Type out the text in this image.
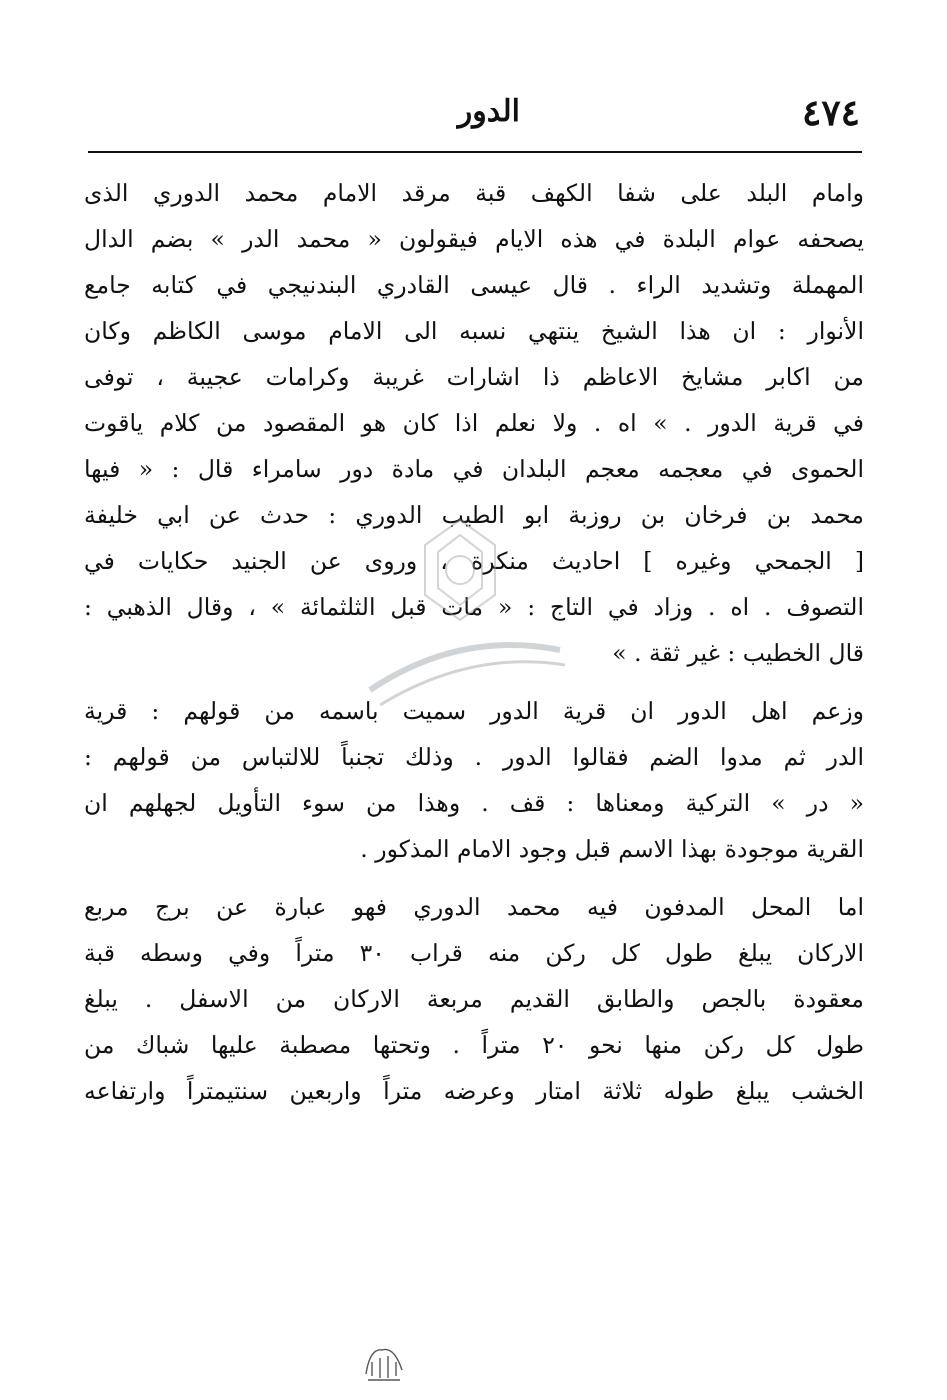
٤٧٤
الدور
وامام البلد على شفا الكهف قبة مرقد الامام محمد الدوري الذى
يصحفه عوام البلدة في هذه الايام فيقولون « محمد الدر » بضم الدال
المهملة وتشديد الراء . قال عيسى القادري البندنيجي في كتابه جامع
الأنوار : ان هذا الشيخ ينتهي نسبه الى الامام موسى الكاظم وكان
من اكابر مشايخ الاعاظم ذا اشارات غريبة وكرامات عجيبة ، توفى
في قرية الدور . » اه . ولا نعلم اذا كان هو المقصود من كلام ياقوت
الحموى في معجمه معجم البلدان في مادة دور سامراء قال : « فيها
محمد بن فرخان بن روزبة ابو الطيب الدوري : حدث عن ابي خليفة
[ الجمحي وغيره ] احاديث منكرة ، وروى عن الجنيد حكايات في
التصوف . اه . وزاد في التاج : « مات قبل الثلثمائة » ، وقال الذهبي :
قال الخطيب : غير ثقة . »
وزعم اهل الدور ان قرية الدور سميت باسمه من قولهم : قرية
الدر ثم مدوا الضم فقالوا الدور . وذلك تجنباً للالتباس من قولهم :
« در » التركية ومعناها : قف . وهذا من سوء التأويل لجهلهم ان
القرية موجودة بهذا الاسم قبل وجود الامام المذكور .
اما المحل المدفون فيه محمد الدوري فهو عبارة عن برج مربع
الاركان يبلغ طول كل ركن منه قراب ٣٠ متراً وفي وسطه قبة
معقودة بالجص والطابق القديم مربعة الاركان من الاسفل . يبلغ
طول كل ركن منها نحو ٢٠ متراً . وتحتها مصطبة عليها شباك من
الخشب يبلغ طوله ثلاثة امتار وعرضه متراً واربعين سنتيمتراً وارتفاعه
